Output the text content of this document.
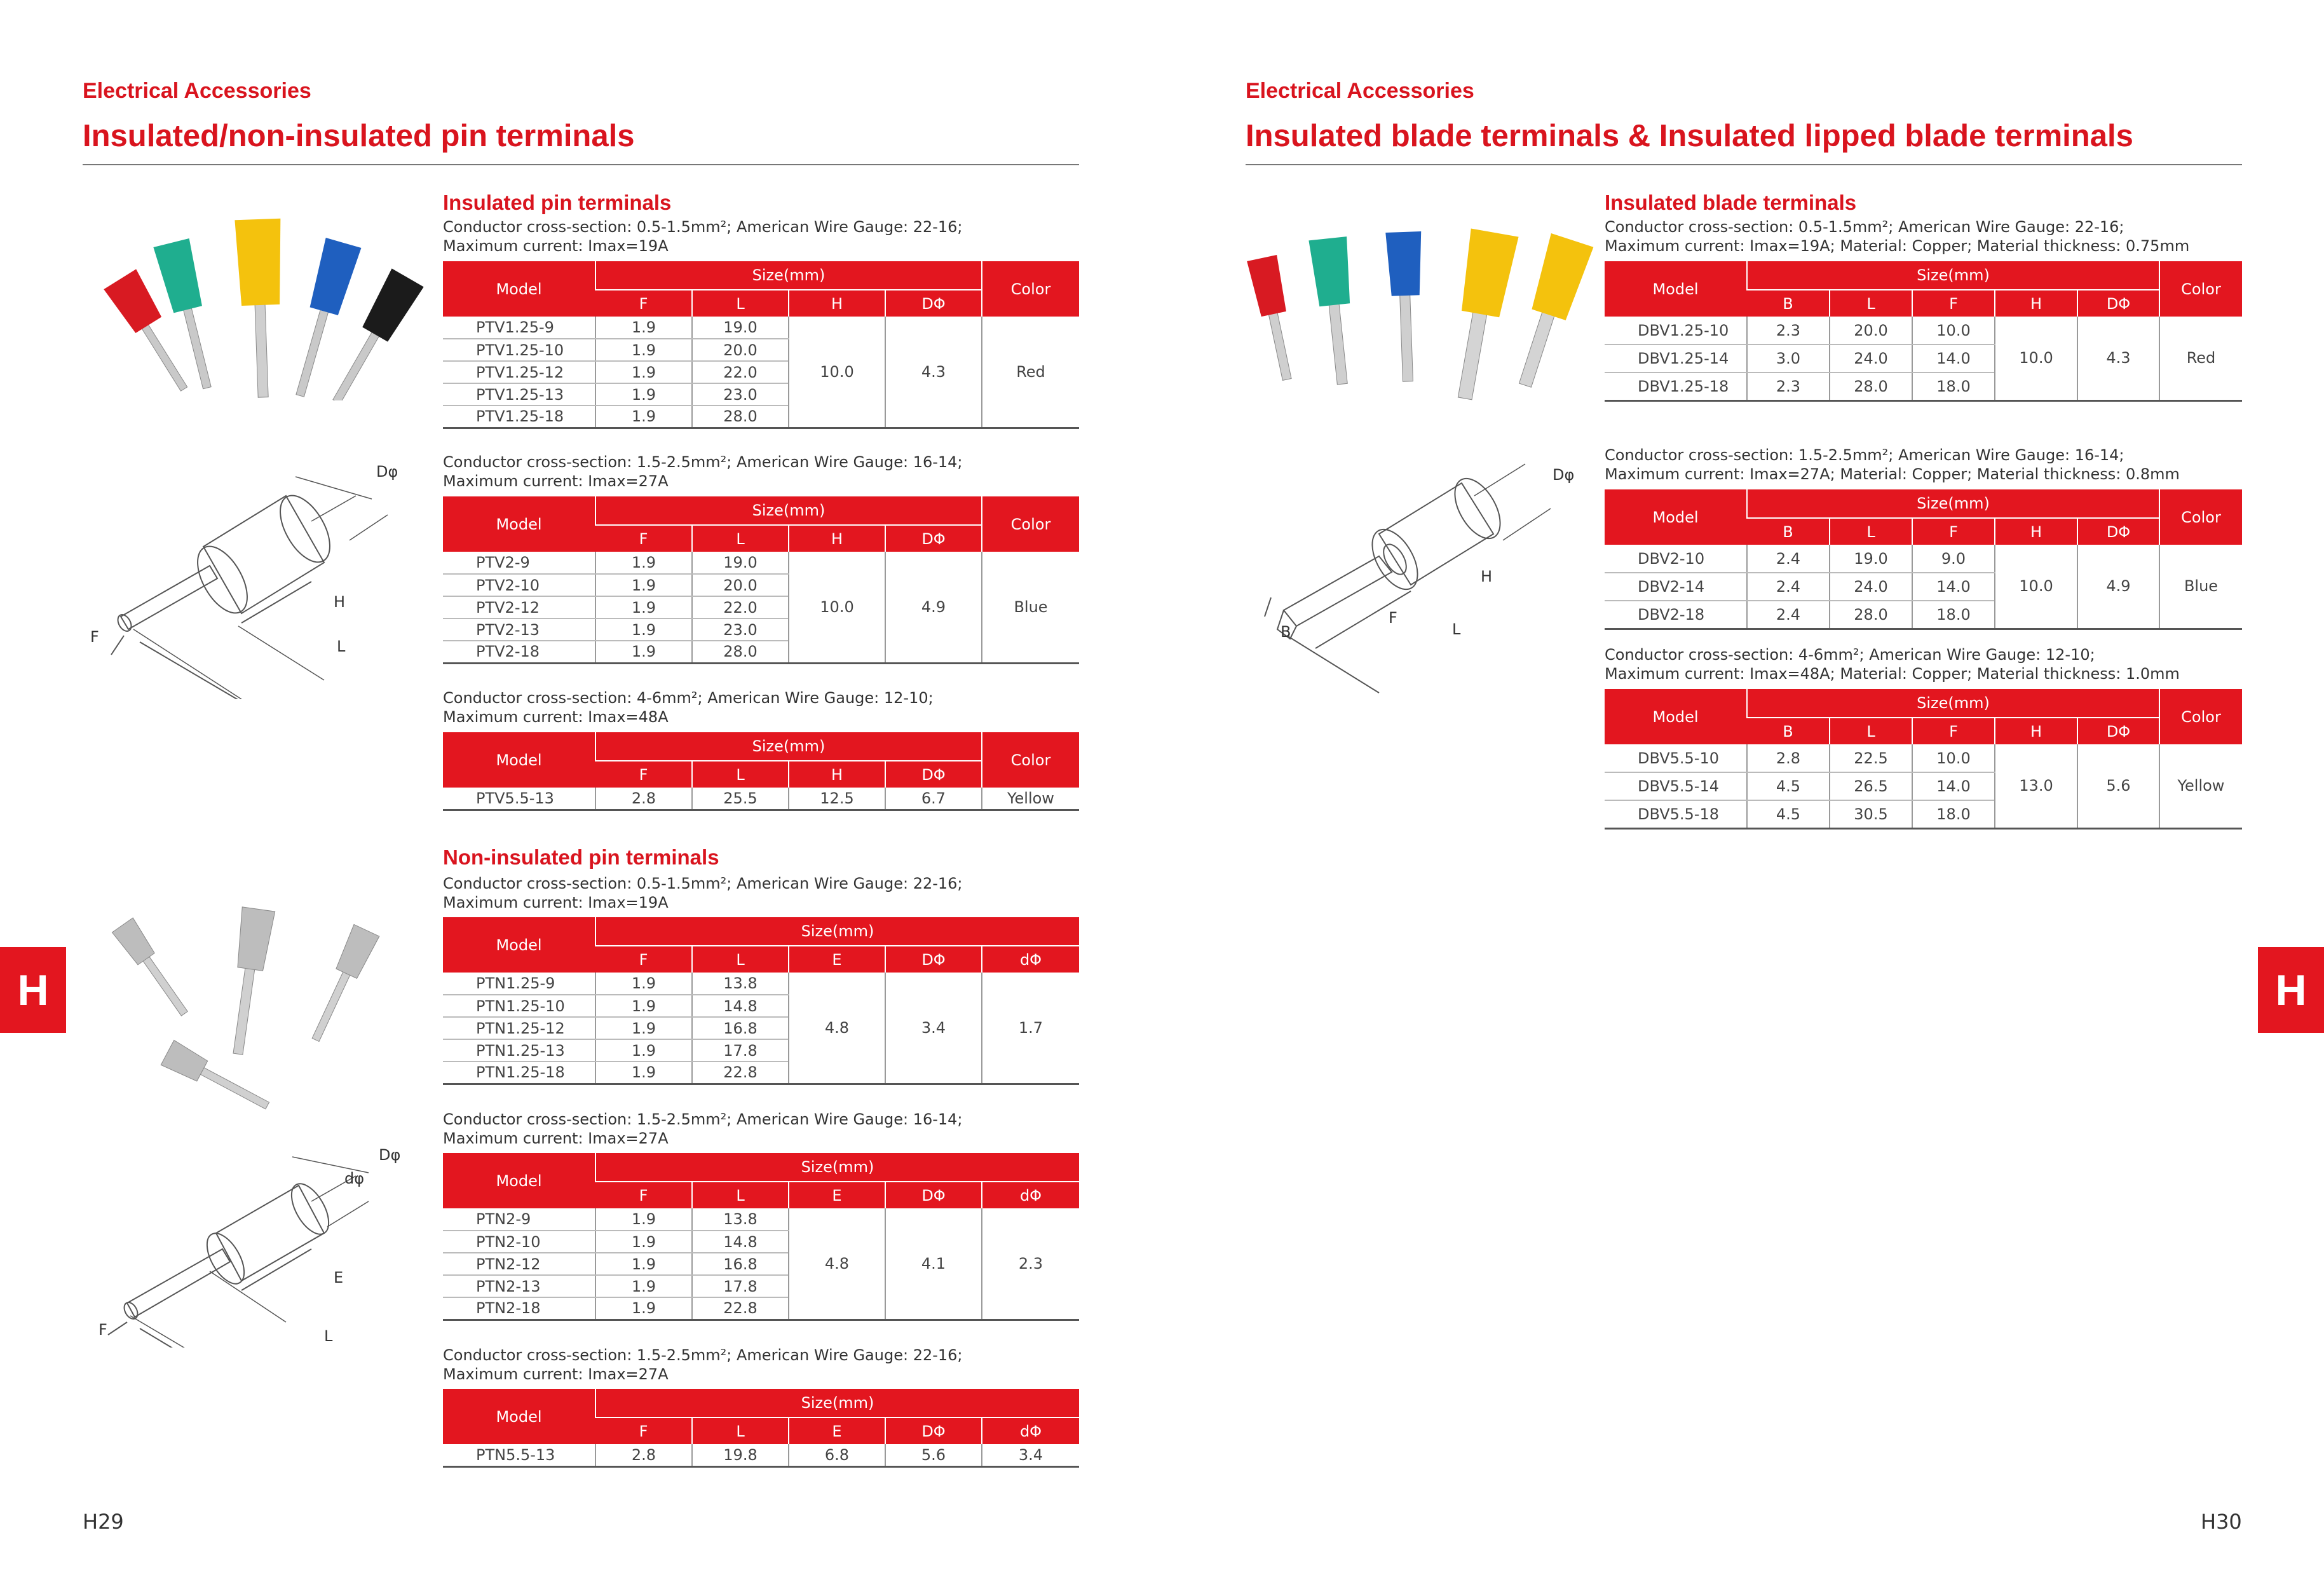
Electrical Accessories
Insulated/non-insulated pin terminals
Dφ
H
F
L
Insulated pin terminals
Conductor cross-section: 0.5-1.5mm²; American Wire Gauge: 22-16;
Maximum current: Imax=19A
Model	Size(mm)				Color
	F	L	H	DΦ	
PTV1.25-9	1.9	19.0	10.0	4.3	Red
PTV1.25-10	1.9	20.0			
PTV1.25-12	1.9	22.0			
PTV1.25-13	1.9	23.0			
PTV1.25-18	1.9	28.0			
Conductor cross-section: 1.5-2.5mm²; American Wire Gauge: 16-14;
Maximum current: Imax=27A
Model	Size(mm)				Color
	F	L	H	DΦ	
PTV2-9	1.9	19.0	10.0	4.9	Blue
PTV2-10	1.9	20.0			
PTV2-12	1.9	22.0			
PTV2-13	1.9	23.0			
PTV2-18	1.9	28.0			
Conductor cross-section: 4-6mm²; American Wire Gauge: 12-10;
Maximum current: Imax=48A
Model	Size(mm)				Color
	F	L	H	DΦ	
PTV5.5-13	2.8	25.5	12.5	6.7	Yellow
Non-insulated pin terminals
Dφ
dφ
E
F	L
Conductor cross-section: 0.5-1.5mm²; American Wire Gauge: 22-16;
Maximum current: Imax=19A
Model	Size(mm)				
	F	L	E	DΦ	dΦ
PTN1.25-9	1.9	13.8	4.8	3.4	1.7
PTN1.25-10	1.9	14.8			
PTN1.25-12	1.9	16.8			
PTN1.25-13	1.9	17.8			
PTN1.25-18	1.9	22.8			
Conductor cross-section: 1.5-2.5mm²; American Wire Gauge: 16-14;
Maximum current: Imax=27A
Model	Size(mm)				
	F	L	E	DΦ	dΦ
PTN2-9	1.9	13.8	4.8	4.1	2.3
PTN2-10	1.9	14.8			
PTN2-12	1.9	16.8			
PTN2-13	1.9	17.8			
PTN2-18	1.9	22.8			
Conductor cross-section: 1.5-2.5mm²; American Wire Gauge: 22-16;
Maximum current: Imax=27A
Model	Size(mm)				
	F	L	E	DΦ	dΦ
PTN5.5-13	2.8	19.8	6.8	5.6	3.4
H29
H	H
Electrical Accessories
Insulated blade terminals & Insulated lipped blade terminals
Dφ
H
F
L
B
Insulated blade terminals
Conductor cross-section: 0.5-1.5mm²; American Wire Gauge: 22-16;
Maximum current: Imax=19A; Material: Copper; Material thickness: 0.75mm
Model	Size(mm)					Color
	B	L	F	H	DΦ	
DBV1.25-10	2.3	20.0	10.0	10.0	4.3	Red
DBV1.25-14	3.0	24.0	14.0			
DBV1.25-18	2.3	28.0	18.0			
Conductor cross-section: 1.5-2.5mm²; American Wire Gauge: 16-14;
Maximum current: Imax=27A; Material: Copper; Material thickness: 0.8mm
Model	Size(mm)					Color
	B	L	F	H	DΦ	
DBV2-10	2.4	19.0	9.0	10.0	4.9	Blue
DBV2-14	2.4	24.0	14.0			
DBV2-18	2.4	28.0	18.0			
Conductor cross-section: 4-6mm²; American Wire Gauge: 12-10;
Maximum current: Imax=48A; Material: Copper; Material thickness: 1.0mm
Model	Size(mm)					Color
	B	L	F	H	DΦ	
DBV5.5-10	2.8	22.5	10.0	13.0	5.6	Yellow
DBV5.5-14	4.5	26.5	14.0			
DBV5.5-18	4.5	30.5	18.0			
H30
